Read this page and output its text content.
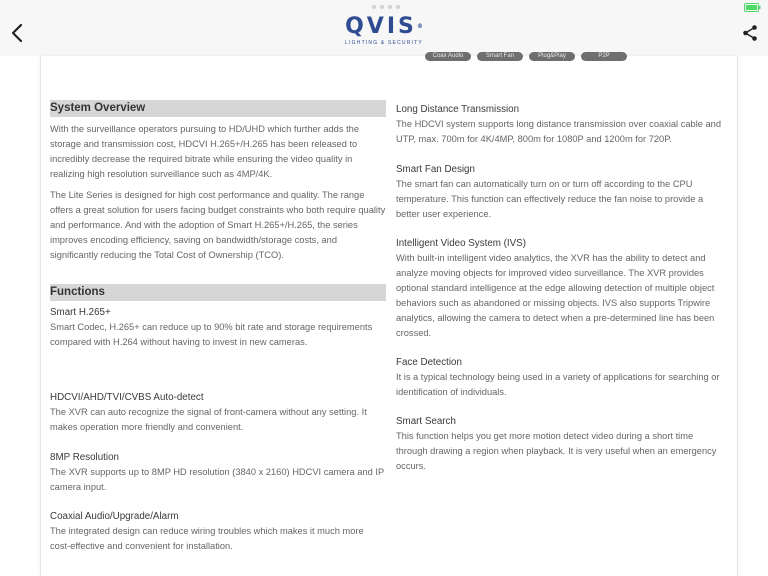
QVIS®
LIGHTING & SECURITY
Coax Audio	Smart Fan	Plug&Play	P2P
System Overview

With the surveillance operators pursuing to HD/UHD which further adds the storage and transmission cost, HDCVI H.265+/H.265 has been released to incredibly decrease the required bitrate while ensuring the video quality in realizing high resolution surveillance such as 4MP/4K.

The Lite Series is designed for high cost performance and quality. The range offers a great solution for users facing budget constraints who both require quality and performance. And with the adoption of Smart H.265+/H.265, the series improves encoding efficiency, saving on bandwidth/storage costs, and significantly reducing the Total Cost of Ownership (TCO).

Functions
Smart H.265+

Smart Codec, H.265+ can reduce up to 90% bit rate and storage requirements compared with H.264 without having to invest in new cameras.

HDCVI/AHD/TVI/CVBS Auto-detect

The XVR can auto recognize the signal of front-camera without any setting. It makes operation more friendly and convenient.

8MP Resolution

The XVR supports up to 8MP HD resolution (3840 x 2160) HDCVI camera and IP camera input.

Coaxial Audio/Upgrade/Alarm

The integrated design can reduce wiring troubles which makes it much more cost-effective and convenient for installation.

Long Distance Transmission

The HDCVI system supports long distance transmission over coaxial cable and UTP, max. 700m for 4K/4MP, 800m for 1080P and 1200m for 720P.

Smart Fan Design

The smart fan can automatically turn on or turn off according to the CPU temperature. This function can effectively reduce the fan noise to provide a better user experience.

Intelligent Video System (IVS)

With built-in intelligent video analytics, the XVR has the ability to detect and analyze moving objects for improved video surveillance. The XVR provides optional standard intelligence at the edge allowing detection of multiple object behaviors such as abandoned or missing objects. IVS also supports Tripwire analytics, allowing the camera to detect when a pre-determined line has been crossed.

Face Detection

It is a typical technology being used in a variety of applications for searching or identification of individuals.

Smart Search

This function helps you get more motion detect video during a short time through drawing a region when playback. It is very useful when an emergency occurs.
